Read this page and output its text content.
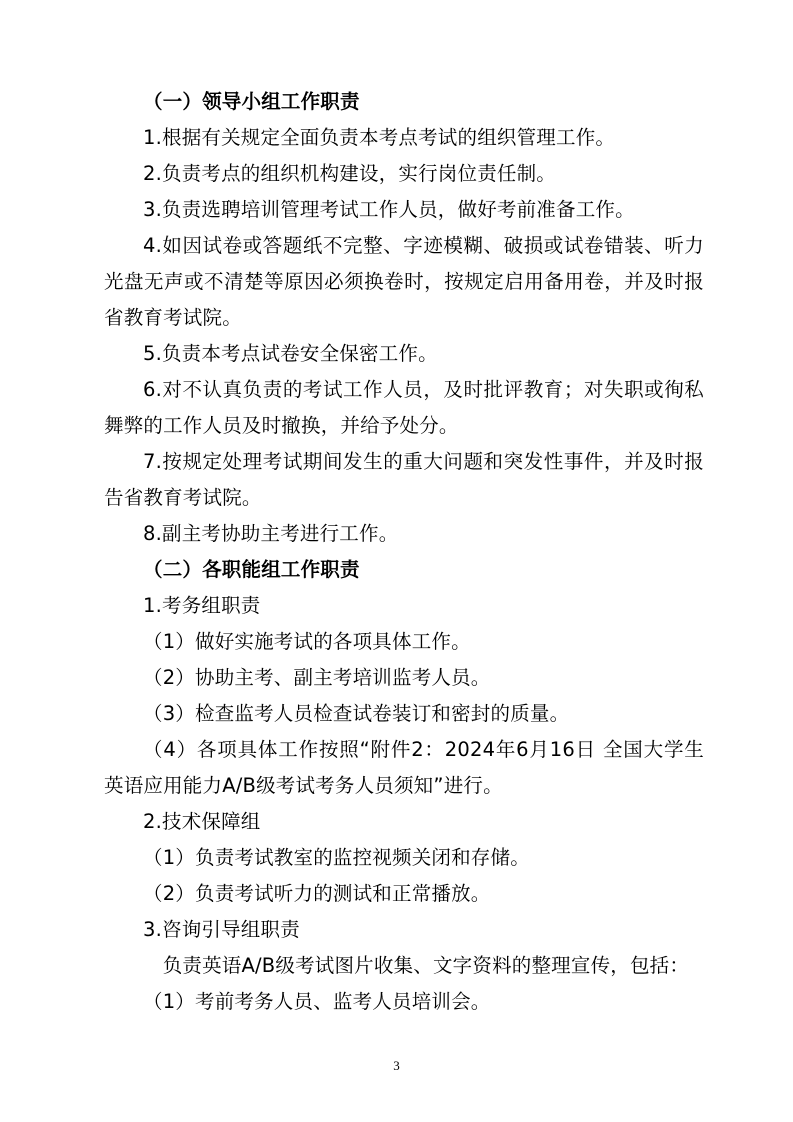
（一）领导小组工作职责

1.根据有关规定全面负责本考点考试的组织管理工作。

2.负责考点的组织机构建设，实行岗位责任制。

3.负责选聘培训管理考试工作人员，做好考前准备工作。

4.如因试卷或答题纸不完整、字迹模糊、破损或试卷错装、听力光盘无声或不清楚等原因必须换卷时，按规定启用备用卷，并及时报省教育考试院。

5.负责本考点试卷安全保密工作。

6.对不认真负责的考试工作人员，及时批评教育；对失职或徇私舞弊的工作人员及时撤换，并给予处分。

7.按规定处理考试期间发生的重大问题和突发性事件，并及时报告省教育考试院。

8.副主考协助主考进行工作。

（二）各职能组工作职责

1.考务组职责

（1）做好实施考试的各项具体工作。

（2）协助主考、副主考培训监考人员。

（3）检查监考人员检查试卷装订和密封的质量。

（4）各项具体工作按照“附件2：2024年6月16日 全国大学生英语应用能力A/B级考试考务人员须知”进行。

2.技术保障组

（1）负责考试教室的监控视频关闭和存储。

（2）负责考试听力的测试和正常播放。

3.咨询引导组职责

　负责英语A/B级考试图片收集、文字资料的整理宣传，包括：

（1）考前考务人员、监考人员培训会。

3
